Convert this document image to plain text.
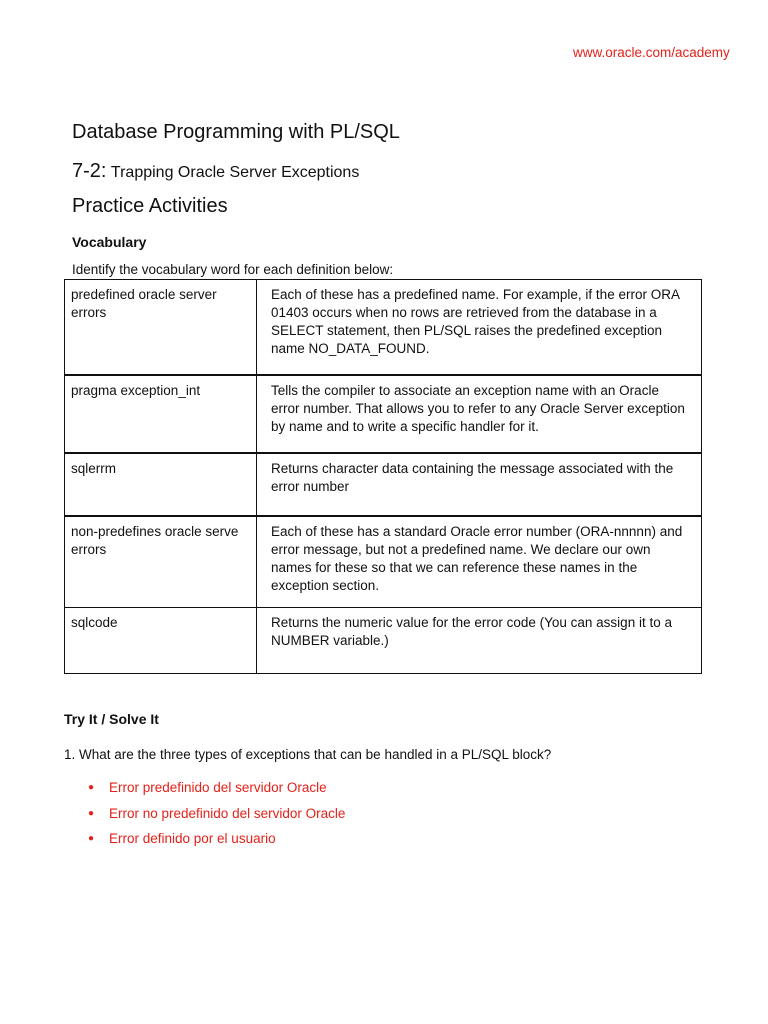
www.oracle.com/academy
Database Programming with PL/SQL
7-2: Trapping Oracle Server Exceptions
Practice Activities
Vocabulary
Identify the vocabulary word for each definition below:
predefined oracle server errors	Each of these has a predefined name. For example, if the error ORA 01403 occurs when no rows are retrieved from the database in a SELECT statement, then PL/SQL raises the predefined exception name NO_DATA_FOUND.
pragma exception_int	Tells the compiler to associate an exception name with an Oracle error number. That allows you to refer to any Oracle Server exception by name and to write a specific handler for it.
sqlerrm	Returns character data containing the message associated with the error number
non-predefines oracle serve errors	Each of these has a standard Oracle error number (ORA-nnnnn) and error message, but not a predefined name. We declare our own names for these so that we can reference these names in the exception section.
sqlcode	Returns the numeric value for the error code (You can assign it to a NUMBER variable.)
Try It / Solve It
1. What are the three types of exceptions that can be handled in a PL/SQL block?
● Error predefinido del servidor Oracle
● Error no predefinido del servidor Oracle
● Error definido por el usuario
